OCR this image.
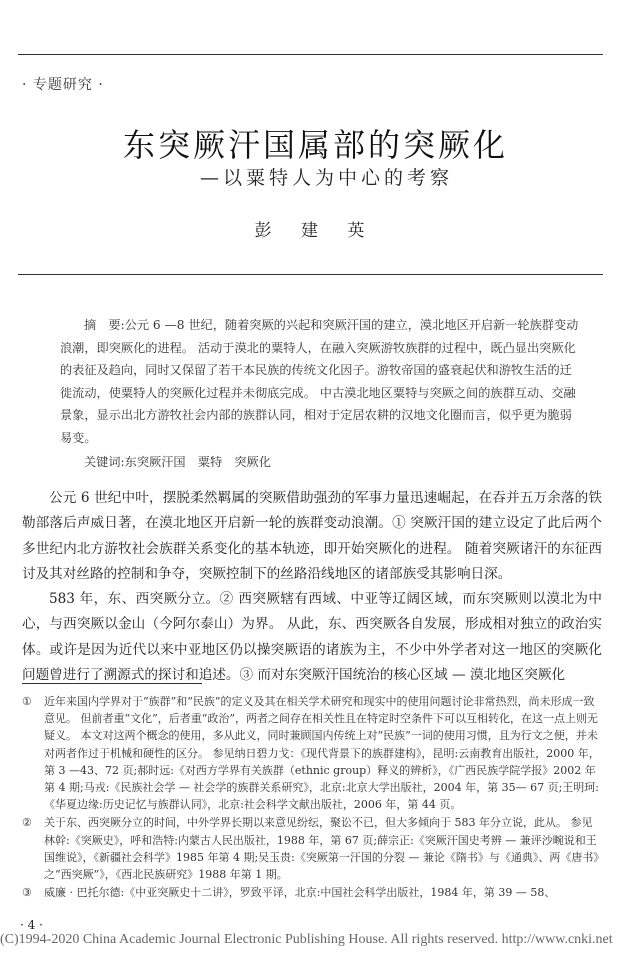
· 专题研究 ·
东突厥汗国属部的突厥化
—以粟特人为中心的考察
彭 建 英

摘　要:公元 6 —8 世纪，随着突厥的兴起和突厥汗国的建立，漠北地区开启新一轮族群变动浪潮，即突厥化的进程。 活动于漠北的粟特人，在融入突厥游牧族群的过程中，既凸显出突厥化的表征及趋向，同时又保留了若干本民族的传统文化因子。游牧帝国的盛衰起伏和游牧生活的迁徙流动，使粟特人的突厥化过程并未彻底完成。 中古漠北地区粟特与突厥之间的族群互动、交融景象，显示出北方游牧社会内部的族群认同，相对于定居农耕的汉地文化圈而言，似乎更为脆弱易变。

关键词:东突厥汗国　粟特　突厥化

公元 6 世纪中叶，摆脱柔然羁属的突厥借助强劲的军事力量迅速崛起，在吞并五万余落的铁勒部落后声威日著，在漠北地区开启新一轮的族群变动浪潮。① 突厥汗国的建立设定了此后两个多世纪内北方游牧社会族群关系变化的基本轨迹，即开始突厥化的进程。 随着突厥诸汗的东征西讨及其对丝路的控制和争夺，突厥控制下的丝路沿线地区的诸部族受其影响日深。

583 年，东、西突厥分立。② 西突厥辖有西域、中亚等辽阔区域，而东突厥则以漠北为中心，与西突厥以金山（今阿尔泰山）为界。 从此，东、西突厥各自发展，形成相对独立的政治实体。或许是因为近代以来中亚地区仍以操突厥语的诸族为主，不少中外学者对这一地区的突厥化问题曾进行了溯源式的探讨和追述。③ 而对东突厥汗国统治的核心区域 — 漠北地区突厥化

① 近年来国内学界对于“族群”和“民族”的定义及其在相关学术研究和现实中的使用问题讨论非常热烈，尚未形成一致意见。 但前者重“文化”，后者重“政治”，两者之间存在相关性且在特定时空条件下可以互相转化，在这一点上则无疑义。 本文对这两个概念的使用，多从此义，同时兼顾国内传统上对“民族”一词的使用习惯，且为行文之便，并未对两者作过于机械和硬性的区分。 参见纳日碧力戈：《现代背景下的族群建构》，昆明:云南教育出版社，2000 年，第 3 —43、72 页;郝时远:《对西方学界有关族群（ethnic group）释义的辨析》，《广西民族学院学报》2002 年第 4 期;马戎:《民族社会学 — 社会学的族群关系研究》，北京:北京大学出版社，2004 年，第 35— 67 页;王明珂:《华夏边缘:历史记忆与族群认同》，北京:社会科学文献出版社，2006 年，第 44 页。
② 关于东、西突厥分立的时间，中外学界长期以来意见纷纭，聚讼不已，但大多倾向于 583 年分立说，此从。 参见林幹:《突厥史》，呼和浩特:内蒙古人民出版社，1988 年，第 67 页;薛宗正:《突厥汗国史考辨 — 兼评沙畹说和王国维说》，《新疆社会科学》1985 年第 4 期;吴玉贵:《突厥第一汗国的分裂 — 兼论《隋书》与《通典》、两《唐书》之“西突厥”》，《西北民族研究》1988 年第 1 期。
③ 威廉 · 巴托尔德:《中亚突厥史十二讲》，罗致平译，北京:中国社会科学出版社，1984 年，第 39 — 58、
· 4 ·
(C)1994-2020 China Academic Journal Electronic Publishing House. All rights reserved. http://www.cnki.net
